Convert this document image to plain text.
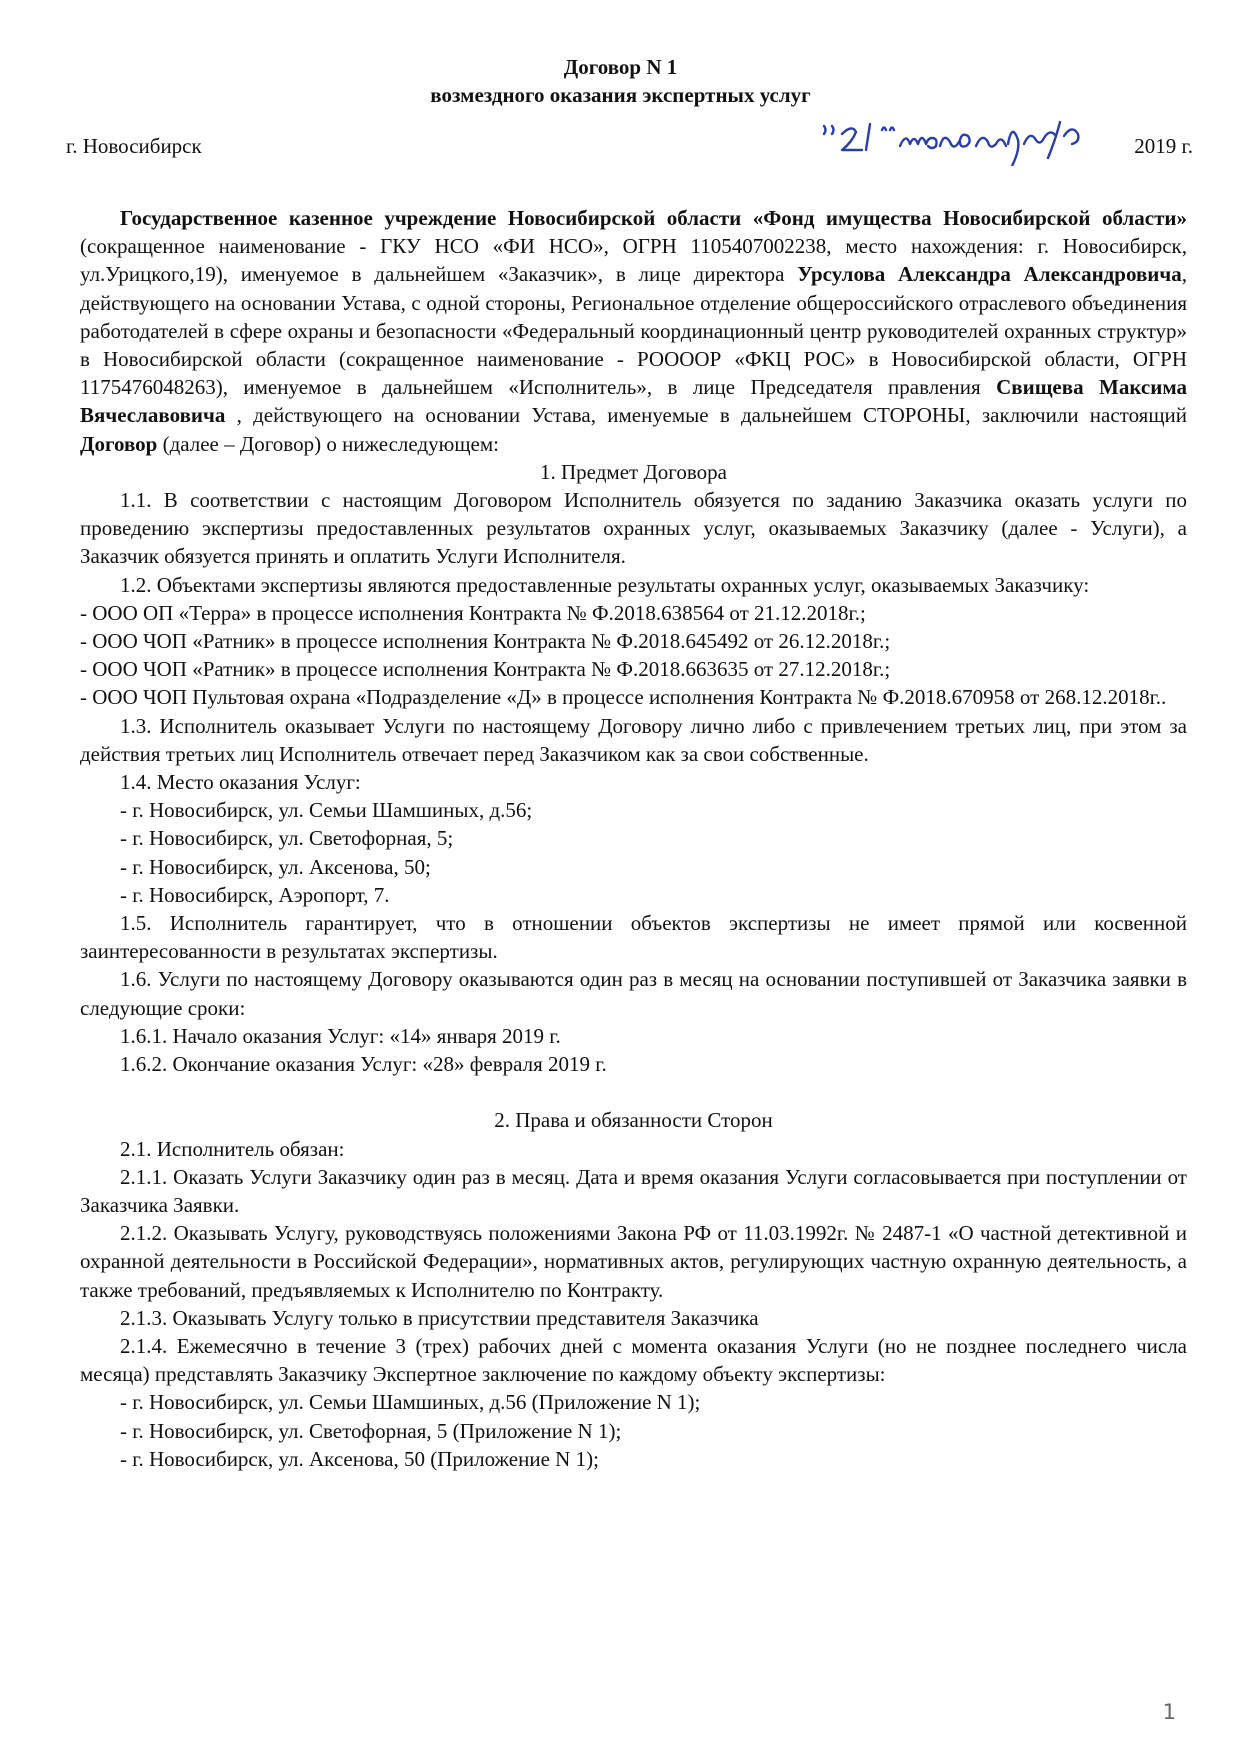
Договор N 1
возмездного оказания экспертных услуг
г. Новосибирск	2019 г.

Государственное казенное учреждение Новосибирской области «Фонд имущества Новосибирской области» (сокращенное наименование - ГКУ НСО «ФИ НСО», ОГРН 1105407002238, место нахождения: г. Новосибирск, ул.Урицкого,19), именуемое в дальнейшем «Заказчик», в лице директора Урсулова Александра Александровича, действующего на основании Устава, с одной стороны, Региональное отделение общероссийского отраслевого объединения работодателей в сфере охраны и безопасности «Федеральный координационный центр руководителей охранных структур» в Новосибирской области (сокращенное наименование - РОООOР «ФКЦ РОС» в Новосибирской области, ОГРН 1175476048263), именуемое в дальнейшем «Исполнитель», в лице Председателя правления Свищева Максима Вячеславовича , действующего на основании Устава, именуемые в дальнейшем СТОРОНЫ, заключили настоящий Договор (далее – Договор) о нижеследующем:

1. Предмет Договора

1.1. В соответствии с настоящим Договором Исполнитель обязуется по заданию Заказчика оказать услуги по проведению экспертизы предоставленных результатов охранных услуг, оказываемых Заказчику (далее - Услуги), а Заказчик обязуется принять и оплатить Услуги Исполнителя.

1.2. Объектами экспертизы являются предоставленные результаты охранных услуг, оказываемых Заказчику:

- ООО ОП «Терра» в процессе исполнения Контракта № Ф.2018.638564 от 21.12.2018г.;

- ООО ЧОП «Ратник» в процессе исполнения Контракта № Ф.2018.645492 от 26.12.2018г.;

- ООО ЧОП «Ратник» в процессе исполнения Контракта № Ф.2018.663635 от 27.12.2018г.;

- ООО ЧОП Пультовая охрана «Подразделение «Д» в процессе исполнения Контракта № Ф.2018.670958 от 268.12.2018г..

1.3. Исполнитель оказывает Услуги по настоящему Договору лично либо с привлечением третьих лиц, при этом за действия третьих лиц Исполнитель отвечает перед Заказчиком как за свои собственные.

1.4. Место оказания Услуг:

- г. Новосибирск, ул. Семьи Шамшиных, д.56;

- г. Новосибирск, ул. Светофорная, 5;

- г. Новосибирск, ул. Аксенова, 50;

- г. Новосибирск, Аэропорт, 7.

1.5. Исполнитель гарантирует, что в отношении объектов экспертизы не имеет прямой или косвенной заинтересованности в результатах экспертизы.

1.6. Услуги по настоящему Договору оказываются один раз в месяц на основании поступившей от Заказчика заявки в следующие сроки:

1.6.1. Начало оказания Услуг: «14» января 2019 г.

1.6.2. Окончание оказания Услуг: «28» февраля 2019 г.

2. Права и обязанности Сторон

2.1. Исполнитель обязан:

2.1.1. Оказать Услуги Заказчику один раз в месяц. Дата и время оказания Услуги согласовывается при поступлении от Заказчика Заявки.

2.1.2. Оказывать Услугу, руководствуясь положениями Закона РФ от 11.03.1992г. № 2487-1 «О частной детективной и охранной деятельности в Российской Федерации», нормативных актов, регулирующих частную охранную деятельность, а также требований, предъявляемых к Исполнителю по Контракту.

2.1.3. Оказывать Услугу только в присутствии представителя Заказчика

2.1.4. Ежемесячно в течение 3 (трех) рабочих дней с момента оказания Услуги (но не позднее последнего числа месяца) представлять Заказчику Экспертное заключение по каждому объекту экспертизы:

- г. Новосибирск, ул. Семьи Шамшиных, д.56 (Приложение N 1);

- г. Новосибирск, ул. Светофорная, 5 (Приложение N 1);

- г. Новосибирск, ул. Аксенова, 50 (Приложение N 1);

1
